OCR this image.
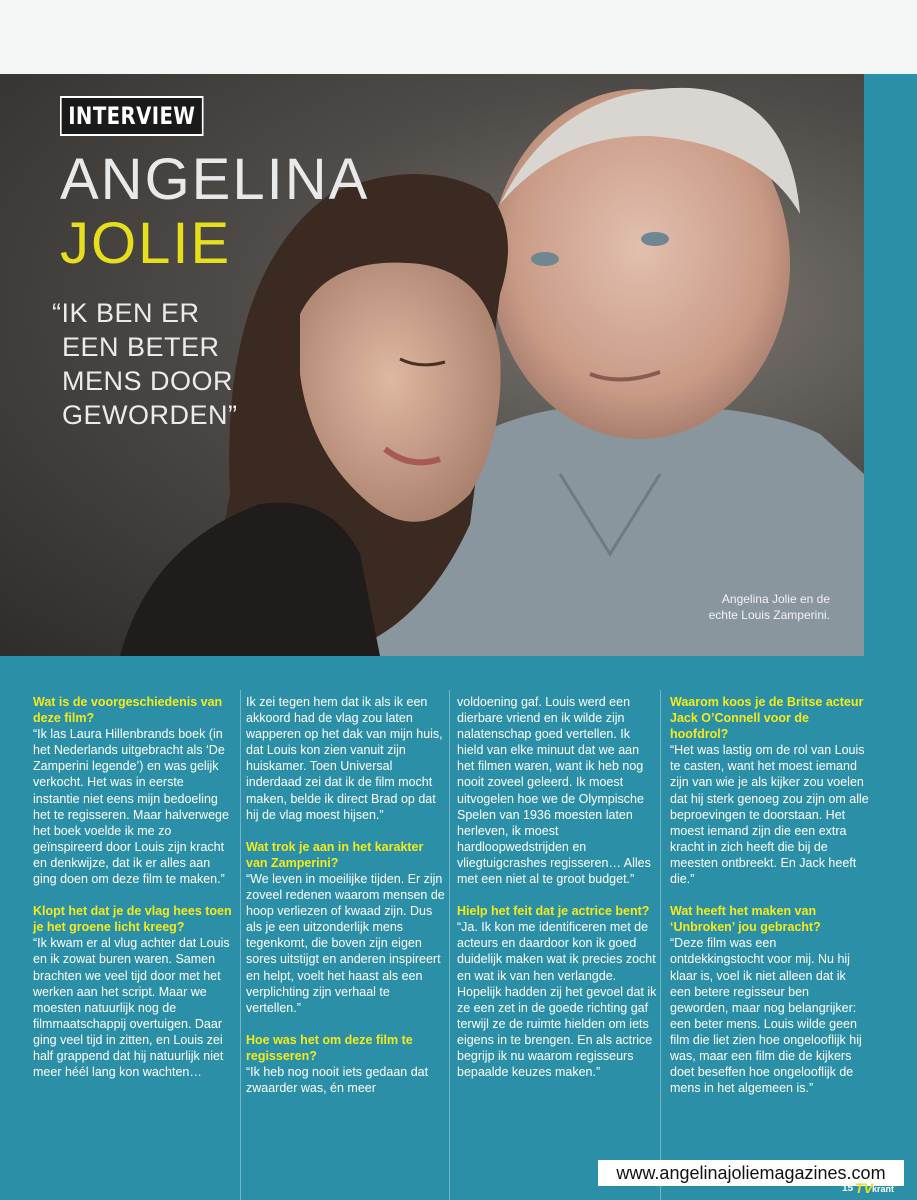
INTERVIEW
ANGELINA
JOLIE
“IK BEN ER
EEN BETER
MENS DOOR
GEWORDEN”
Angelina Jolie en de
echte Louis Zamperini.

Wat is de voorgeschiedenis van deze film?
“Ik las Laura Hillenbrands boek (in het Nederlands uitgebracht als ‘De Zamperini legende’) en was gelijk verkocht. Het was in eerste instantie niet eens mijn bedoeling het te regisseren. Maar halverwege het boek voelde ik me zo geïnspireerd door Louis zijn kracht en denkwijze, dat ik er alles aan ging doen om deze film te maken.”

Klopt het dat je de vlag hees toen je het groene licht kreeg?
“Ik kwam er al vlug achter dat Louis en ik zowat buren waren. Samen brachten we veel tijd door met het werken aan het script. Maar we moesten natuurlijk nog de filmmaatschappij overtuigen. Daar ging veel tijd in zitten, en Louis zei half grappend dat hij natuurlijk niet meer héél lang kon wachten…

Ik zei tegen hem dat ik als ik een akkoord had de vlag zou laten wapperen op het dak van mijn huis, dat Louis kon zien vanuit zijn huiskamer. Toen Universal inderdaad zei dat ik de film mocht maken, belde ik direct Brad op dat hij de vlag moest hijsen.”

Wat trok je aan in het karakter van Zamperini?
“We leven in moeilijke tijden. Er zijn zoveel redenen waarom mensen de hoop verliezen of kwaad zijn. Dus als je een uitzonderlijk mens tegenkomt, die boven zijn eigen sores uitstijgt en anderen inspireert en helpt, voelt het haast als een verplichting zijn verhaal te vertellen.”

Hoe was het om deze film te regisseren?
“Ik heb nog nooit iets gedaan dat zwaarder was, én meer

voldoening gaf. Louis werd een dierbare vriend en ik wilde zijn nalatenschap goed vertellen. Ik hield van elke minuut dat we aan het filmen waren, want ik heb nog nooit zoveel geleerd. Ik moest uitvogelen hoe we de Olympische Spelen van 1936 moesten laten herleven, ik moest hardloopwedstrijden en vliegtuigcrashes regisseren… Alles met een niet al te groot budget.”

Hielp het feit dat je actrice bent?
“Ja. Ik kon me identificeren met de acteurs en daardoor kon ik goed duidelijk maken wat ik precies zocht en wat ik van hen verlangde. Hopelijk hadden zij het gevoel dat ik ze een zet in de goede richting gaf terwijl ze de ruimte hielden om iets eigens in te brengen. En als actrice begrijp ik nu waarom regisseurs bepaalde keuzes maken.”

Waarom koos je de Britse acteur Jack O’Connell voor de hoofdrol?
“Het was lastig om de rol van Louis te casten, want het moest iemand zijn van wie je als kijker zou voelen dat hij sterk genoeg zou zijn om alle beproevingen te doorstaan. Het moest iemand zijn die een extra kracht in zich heeft die bij de meesten ontbreekt. En Jack heeft die.”

Wat heeft het maken van ‘Unbroken’ jou gebracht?
“Deze film was een ontdekkingstocht voor mij. Nu hij klaar is, voel ik niet alleen dat ik een betere regisseur ben geworden, maar nog belangrijker: een beter mens. Louis wilde geen film die liet zien hoe ongelooflijk hij was, maar een film die de kijkers doet beseffen hoe ongelooflijk de mens in het algemeen is.”

www.angelinajoliemagazines.com
15 TV krant
